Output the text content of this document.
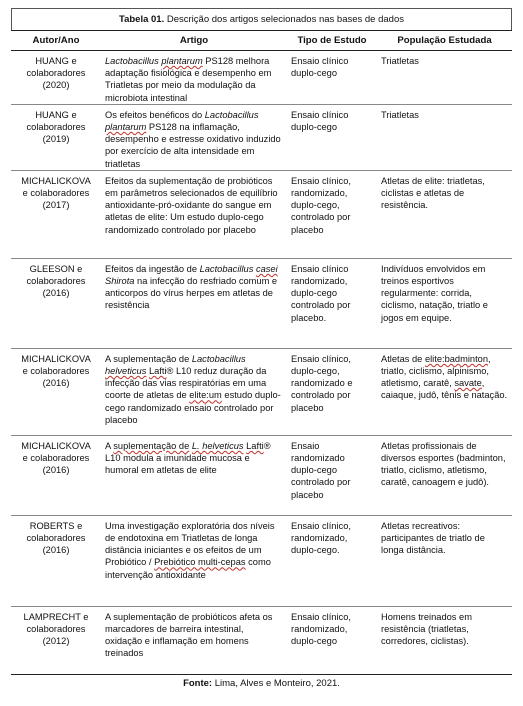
Tabela 01. Descrição dos artigos selecionados nas bases de dados
Autor/Ano	Artigo	Tipo de Estudo	População Estudada

HUANG e
colaboradores
(2020)	Lactobacillus plantarum PS128 melhora adaptação fisiológica e desempenho em Triatletas por meio da modulação da microbiota intestinal	Ensaio clínico duplo-cego	Triatletas

HUANG e
colaboradores
(2019)	Os efeitos benéficos do Lactobacillus plantarum PS128 na inflamação, desempenho e estresse oxidativo induzido por exercício de alta intensidade em triatletas	Ensaio clínico duplo-cego	Triatletas

MICHALICKOVA
e colaboradores
(2017)	Efeitos da suplementação de probióticos em parâmetros selecionados de equilíbrio antioxidante-pró-oxidante do sangue em atletas de elite: Um estudo duplo-cego randomizado controlado por placebo	Ensaio clínico, randomizado, duplo-cego, controlado por placebo	Atletas de elite: triatletas, ciclistas e atletas de resistência.

GLEESON e
colaboradores
(2016)	Efeitos da ingestão de Lactobacillus casei Shirota na infecção do resfriado comum e anticorpos do vírus herpes em atletas de resistência	Ensaio clínico randomizado, duplo-cego controlado por placebo.	Indivíduos envolvidos em treinos esportivos regularmente: corrida, ciclismo, natação, triatlo e jogos em equipe.

MICHALICKOVA
e colaboradores
(2016)	A suplementação de Lactobacillus helveticus Lafti® L10 reduz duração da infecção das vias respiratórias em uma coorte de atletas de elite:um estudo duplo-cego randomizado ensaio controlado por placebo	Ensaio clínico, duplo-cego, randomizado e controlado por placebo	Atletas de elite:badminton, triatlo, ciclismo, alpinismo, atletismo, caratê, savate, caiaque, judô, tênis e natação.

MICHALICKOVA
e colaboradores
(2016)	A suplementação de L. helveticus Lafti® L10 modula a imunidade mucosa e humoral em atletas de elite	Ensaio randomizado duplo-cego controlado por placebo	Atletas profissionais de diversos esportes (badminton, triatlo, ciclismo, atletismo, caratê, canoagem e judô).

ROBERTS e
colaboradores
(2016)	Uma investigação exploratória dos níveis de endotoxina em Triatletas de longa distância iniciantes e os efeitos de um Probiótico / Prebiótico multi-cepas como intervenção antioxidante	Ensaio clínico, randomizado, duplo-cego.	Atletas recreativos: participantes de triatlo de longa distância.

LAMPRECHT e
colaboradores
(2012)	A suplementação de probióticos afeta os marcadores de barreira intestinal, oxidação e inflamação em homens treinados	Ensaio clínico, randomizado, duplo-cego	Homens treinados em resistência (triatletas, corredores, ciclistas).
Fonte: Lima, Alves e Monteiro, 2021.
